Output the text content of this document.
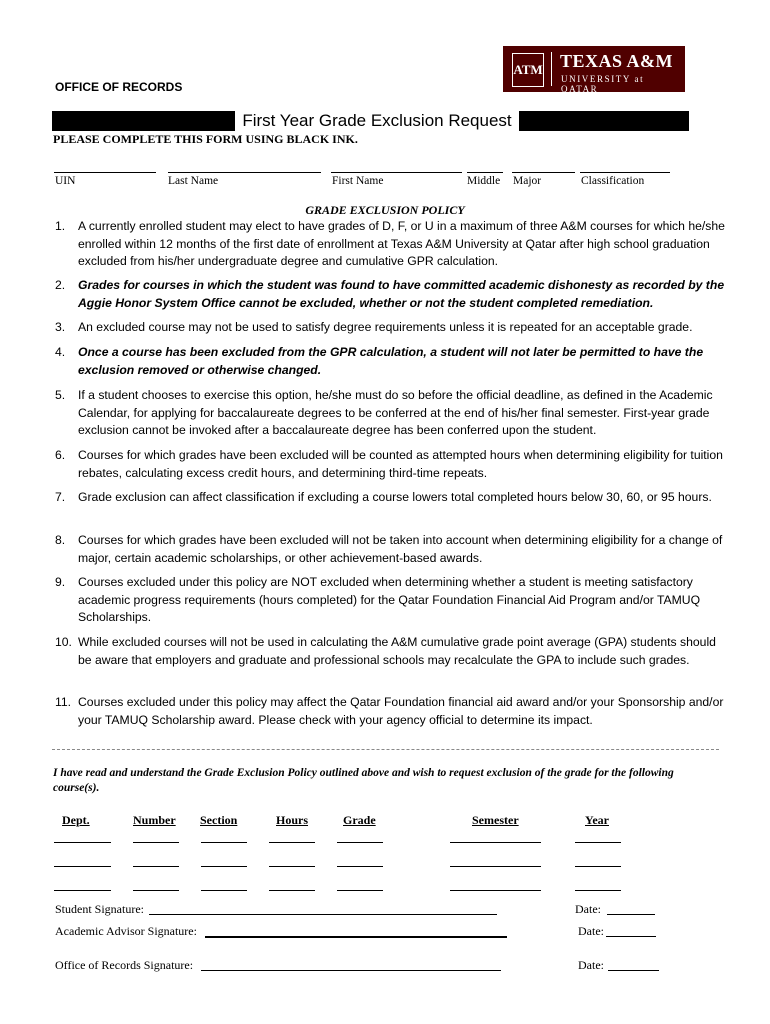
OFFICE OF RECORDS
ATM TEXAS A&M
UNIVERSITY at QATAR
First Year Grade Exclusion Request
PLEASE COMPLETE THIS FORM USING BLACK INK.
UIN	Last Name	First Name	Middle Major	Classification
GRADE EXCLUSION POLICY
1. A currently enrolled student may elect to have grades of D, F, or U in a maximum of three A&M courses for which he/she enrolled within 12 months of the first date of enrollment at Texas A&M University at Qatar after high school graduation excluded from his/her undergraduate degree and cumulative GPR calculation.
2. Grades for courses in which the student was found to have committed academic dishonesty as recorded by the Aggie Honor System Office cannot be excluded, whether or not the student completed remediation.
3. An excluded course may not be used to satisfy degree requirements unless it is repeated for an acceptable grade.
4. Once a course has been excluded from the GPR calculation, a student will not later be permitted to have the exclusion removed or otherwise changed.
5. If a student chooses to exercise this option, he/she must do so before the official deadline, as defined in the Academic Calendar, for applying for baccalaureate degrees to be conferred at the end of his/her final semester. First-year grade exclusion cannot be invoked after a baccalaureate degree has been conferred upon the student.
6. Courses for which grades have been excluded will be counted as attempted hours when determining eligibility for tuition rebates, calculating excess credit hours, and determining third-time repeats.
7. Grade exclusion can affect classification if excluding a course lowers total completed hours below 30, 60, or 95 hours.
8. Courses for which grades have been excluded will not be taken into account when determining eligibility for a change of major, certain academic scholarships, or other achievement-based awards.
9. Courses excluded under this policy are NOT excluded when determining whether a student is meeting satisfactory academic progress requirements (hours completed) for the Qatar Foundation Financial Aid Program and/or TAMUQ Scholarships.
10. While excluded courses will not be used in calculating the A&M cumulative grade point average (GPA) students should be aware that employers and graduate and professional schools may recalculate the GPA to include such grades.
11. Courses excluded under this policy may affect the Qatar Foundation financial aid award and/or your Sponsorship and/or your TAMUQ Scholarship award. Please check with your agency official to determine its impact.
I have read and understand the Grade Exclusion Policy outlined above and wish to request exclusion of the grade for the following course(s).
Dept.	Number Section	Hours	Grade	Semester	Year
Student Signature:	Date:
Academic Advisor Signature:	Date:
Office of Records Signature:	Date:
